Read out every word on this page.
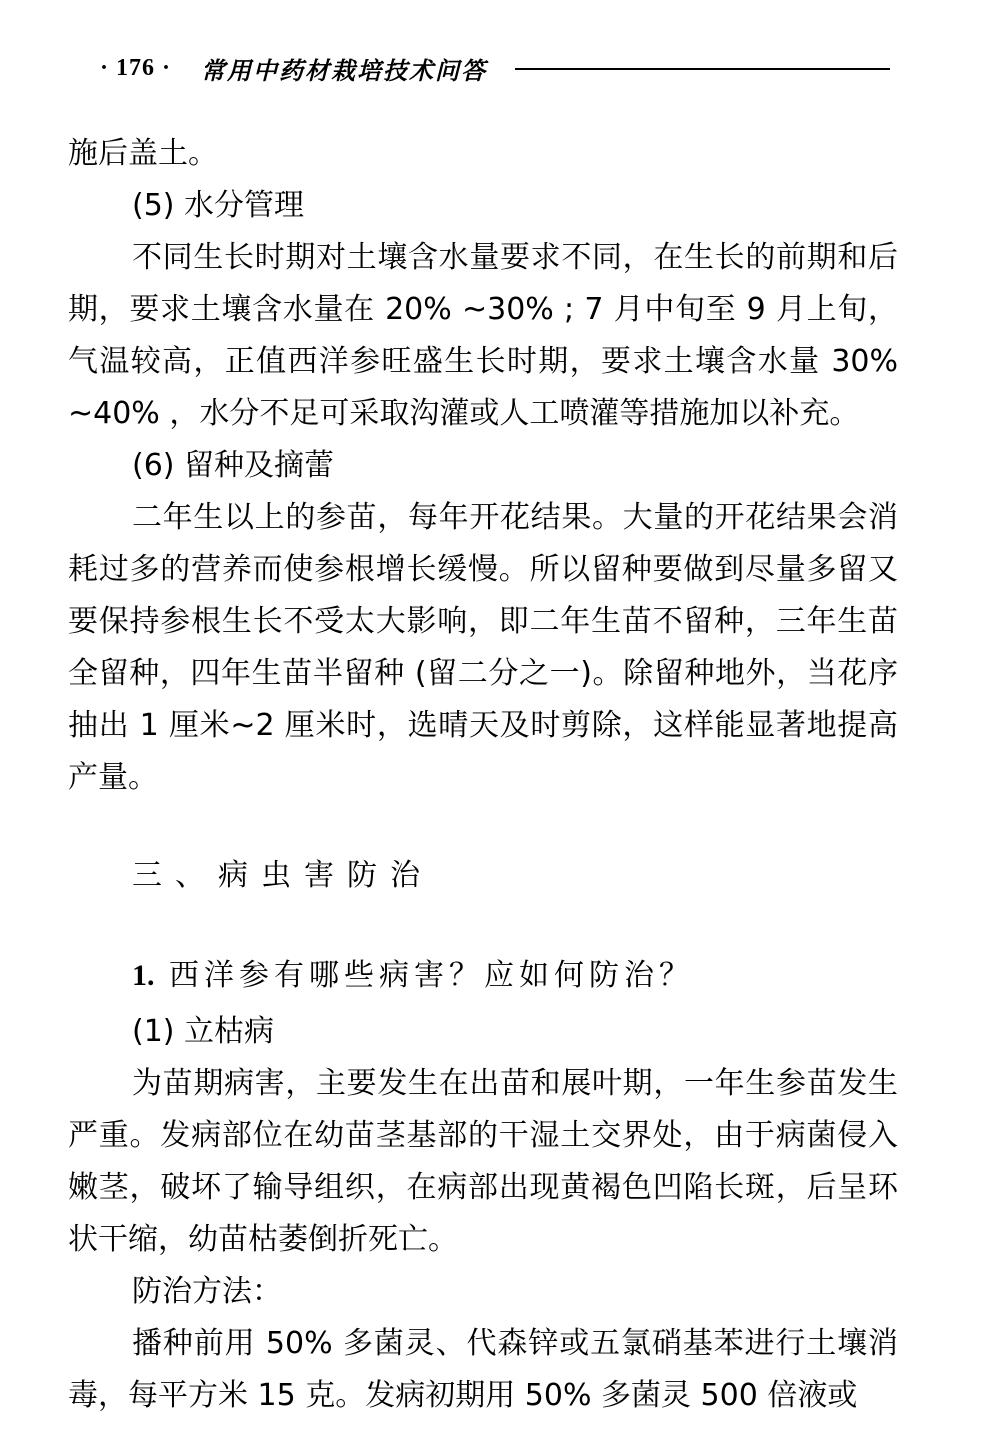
· 176 · 常用中药材栽培技术问答

施后盖土。

(5) 水分管理

不同生长时期对土壤含水量要求不同，在生长的前期和后期，要求土壤含水量在 20% ~30% ; 7 月中旬至 9 月上旬，气温较高，正值西洋参旺盛生长时期，要求土壤含水量 30% ~40% ，水分不足可采取沟灌或人工喷灌等措施加以补充。

(6) 留种及摘蕾

二年生以上的参苗，每年开花结果。大量的开花结果会消耗过多的营养而使参根增长缓慢。所以留种要做到尽量多留又要保持参根生长不受太大影响，即二年生苗不留种，三年生苗全留种，四年生苗半留种 (留二分之一)。除留种地外，当花序抽出 1 厘米~2 厘米时，选晴天及时剪除，这样能显著地提高产量。

三、病虫害防治

1. 西洋参有哪些病害？应如何防治？

(1) 立枯病

为苗期病害，主要发生在出苗和展叶期，一年生参苗发生严重。发病部位在幼苗茎基部的干湿土交界处，由于病菌侵入嫩茎，破坏了输导组织，在病部出现黄褐色凹陷长斑，后呈环状干缩，幼苗枯萎倒折死亡。

防治方法：

播种前用 50% 多菌灵、代森锌或五氯硝基苯进行土壤消毒，每平方米 15 克。发病初期用 50% 多菌灵 500 倍液或
